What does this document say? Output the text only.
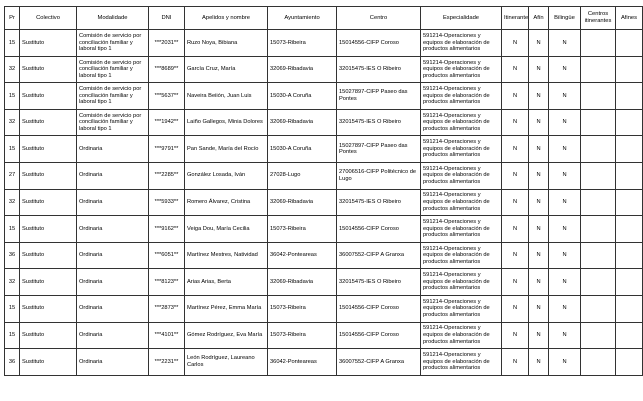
Pr	Colectivo	Modalidade	DNI	Apelidos y nombre	Ayuntamiento	Centro	Especialidade	Itinerante	Afín	Bilingüe	Centros itinerantes	Afines
15	Sustituto	Comisión de servicio por conciliación familiar y laboral tipo 1	***2031**	Ruzo Noya, Bibiana	15073-Ribeira	15014556-CIFP Coroso	591214-Operaciones y equipos de elaboración de productos alimentarios	N	N	N		
32	Sustituto	Comisión de servicio por conciliación familiar y laboral tipo 1	***8689**	García Cruz, María	32069-Ribadavia	32015475-IES O Ribeiro	591214-Operaciones y equipos de elaboración de productos alimentarios	N	N	N		
15	Sustituto	Comisión de servicio por conciliación familiar y laboral tipo 1	***5637**	Naveira Beiión, Juan Luis	15030-A Coruña	15027897-CIFP Paseo das Pontes	591214-Operaciones y equipos de elaboración de productos alimentarios	N	N	N		
32	Sustituto	Comisión de servicio por conciliación familiar y laboral tipo 1	***1942**	Laiño Gallegos, Minia Dolores	32069-Ribadavia	32015475-IES O Ribeiro	591214-Operaciones y equipos de elaboración de productos alimentarios	N	N	N		
15	Sustituto	Ordinaria	***9791**	Pan Sande, María del Rocío	15030-A Coruña	15027897-CIFP Paseo das Pontes	591214-Operaciones y equipos de elaboración de productos alimentarios	N	N	N		
27	Sustituto	Ordinaria	***2285**	González Losada, Iván	27028-Lugo	27006516-CIFP Politécnico de Lugo	591214-Operaciones y equipos de elaboración de productos alimentarios	N	N	N		
32	Sustituto	Ordinaria	***5933**	Romero Álvarez, Cristina	32069-Ribadavia	32015475-IES O Ribeiro	591214-Operaciones y equipos de elaboración de productos alimentarios	N	N	N		
15	Sustituto	Ordinaria	***9162**	Veiga Dou, María Cecilia	15073-Ribeira	15014556-CIFP Coroso	591214-Operaciones y equipos de elaboración de productos alimentarios	N	N	N		
36	Sustituto	Ordinaria	***6051**	Martínez Mestres, Natividad	36042-Ponteareas	36007552-CIFP A Granxa	591214-Operaciones y equipos de elaboración de productos alimentarios	N	N	N		
32	Sustituto	Ordinaria	***8123**	Arias Arias, Berta	32069-Ribadavia	32015475-IES O Ribeiro	591214-Operaciones y equipos de elaboración de productos alimentarios	N	N	N		
15	Sustituto	Ordinaria	***2873**	Martínez Pérez, Emma María	15073-Ribeira	15014556-CIFP Coroso	591214-Operaciones y equipos de elaboración de productos alimentarios	N	N	N		
15	Sustituto	Ordinaria	***4101**	Gómez Rodríguez, Eva María	15073-Ribeira	15014556-CIFP Coroso	591214-Operaciones y equipos de elaboración de productos alimentarios	N	N	N		
36	Sustituto	Ordinaria	***2231**	León Rodríguez, Laureano Carlos	36042-Ponteareas	36007552-CIFP A Granxa	591214-Operaciones y equipos de elaboración de productos alimentarios	N	N	N		
